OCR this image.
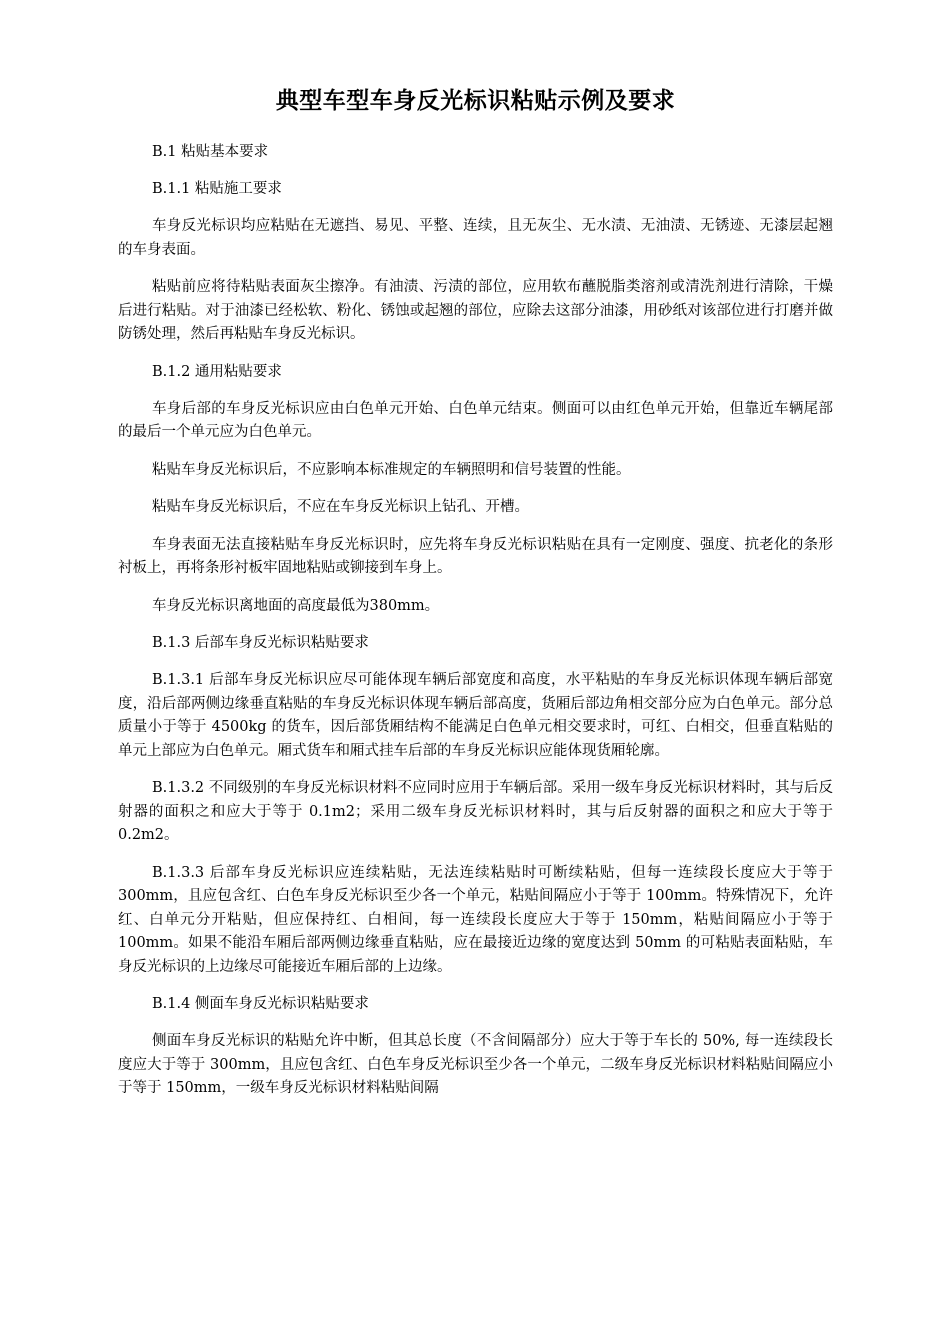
典型车型车身反光标识粘贴示例及要求
B.1 粘贴基本要求
B.1.1 粘贴施工要求
车身反光标识均应粘贴在无遮挡、易见、平整、连续，且无灰尘、无水渍、无油渍、无锈迹、无漆层起翘的车身表面。
粘贴前应将待粘贴表面灰尘擦净。有油渍、污渍的部位，应用软布蘸脱脂类溶剂或清洗剂进行清除，干燥后进行粘贴。对于油漆已经松软、粉化、锈蚀或起翘的部位，应除去这部分油漆，用砂纸对该部位进行打磨并做防锈处理，然后再粘贴车身反光标识。
B.1.2 通用粘贴要求
车身后部的车身反光标识应由白色单元开始、白色单元结束。侧面可以由红色单元开始，但靠近车辆尾部的最后一个单元应为白色单元。
粘贴车身反光标识后，不应影响本标准规定的车辆照明和信号装置的性能。
粘贴车身反光标识后，不应在车身反光标识上钻孔、开槽。
车身表面无法直接粘贴车身反光标识时，应先将车身反光标识粘贴在具有一定刚度、强度、抗老化的条形衬板上，再将条形衬板牢固地粘贴或铆接到车身上。
车身反光标识离地面的高度最低为380mm。
B.1.3 后部车身反光标识粘贴要求
B.1.3.1 后部车身反光标识应尽可能体现车辆后部宽度和高度，水平粘贴的车身反光标识体现车辆后部宽度，沿后部两侧边缘垂直粘贴的车身反光标识体现车辆后部高度，货厢后部边角相交部分应为白色单元。部分总质量小于等于 4500kg 的货车，因后部货厢结构不能满足白色单元相交要求时，可红、白相交，但垂直粘贴的单元上部应为白色单元。厢式货车和厢式挂车后部的车身反光标识应能体现货厢轮廓。
B.1.3.2 不同级别的车身反光标识材料不应同时应用于车辆后部。采用一级车身反光标识材料时，其与后反射器的面积之和应大于等于 0.1m2；采用二级车身反光标识材料时，其与后反射器的面积之和应大于等于 0.2m2。
B.1.3.3 后部车身反光标识应连续粘贴，无法连续粘贴时可断续粘贴，但每一连续段长度应大于等于 300mm，且应包含红、白色车身反光标识至少各一个单元，粘贴间隔应小于等于 100mm。特殊情况下，允许红、白单元分开粘贴，但应保持红、白相间，每一连续段长度应大于等于 150mm，粘贴间隔应小于等于 100mm。如果不能沿车厢后部两侧边缘垂直粘贴，应在最接近边缘的宽度达到 50mm 的可粘贴表面粘贴，车身反光标识的上边缘尽可能接近车厢后部的上边缘。
B.1.4 侧面车身反光标识粘贴要求
侧面车身反光标识的粘贴允许中断，但其总长度（不含间隔部分）应大于等于车长的 50%, 每一连续段长度应大于等于 300mm，且应包含红、白色车身反光标识至少各一个单元，二级车身反光标识材料粘贴间隔应小于等于 150mm，一级车身反光标识材料粘贴间隔
